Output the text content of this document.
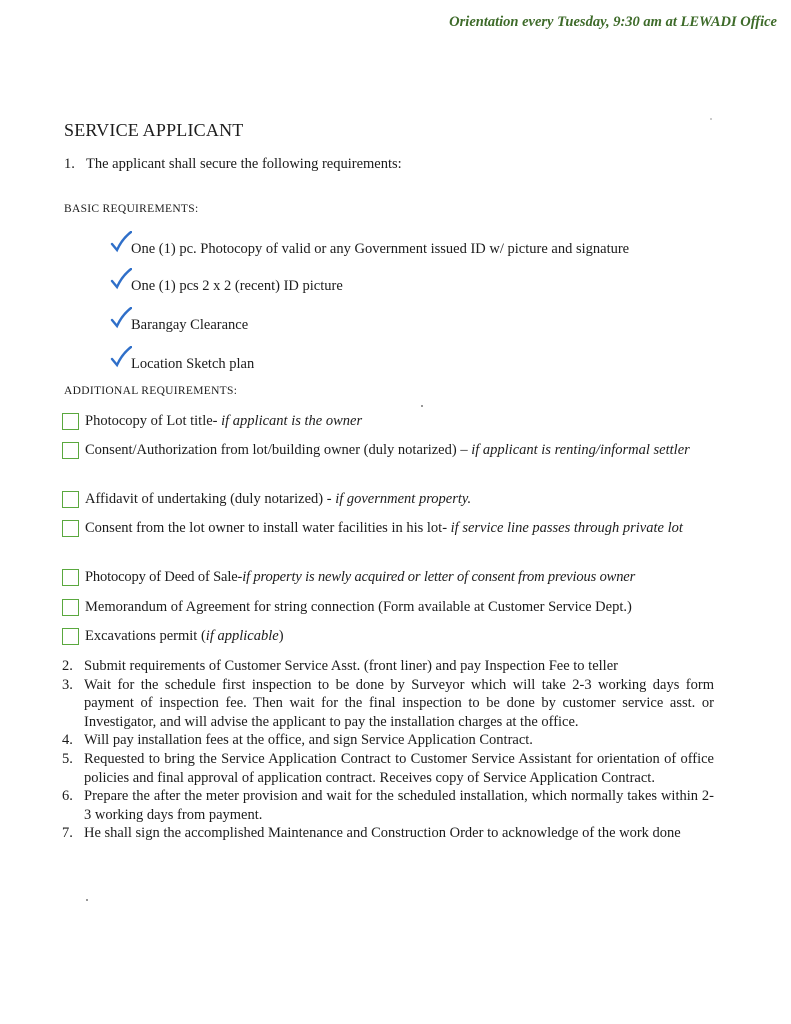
Orientation every Tuesday, 9:30 am at LEWADI Office
SERVICE APPLICANT
1. The applicant shall secure the following requirements:
BASIC REQUIREMENTS:
One (1) pc. Photocopy of valid or any Government issued ID w/ picture and signature
One (1) pcs 2 x 2 (recent) ID picture
Barangay Clearance
Location Sketch plan
ADDITIONAL REQUIREMENTS:
Photocopy of Lot title- if applicant is the owner
Consent/Authorization from lot/building owner (duly notarized) – if applicant is renting/informal settler
Affidavit of undertaking (duly notarized) - if government property.
Consent from the lot owner to install water facilities in his lot- if service line passes through private lot
Photocopy of Deed of Sale-if property is newly acquired or letter of consent from previous owner
Memorandum of Agreement for string connection (Form available at Customer Service Dept.)
Excavations permit (if applicable)
2. Submit requirements of Customer Service Asst. (front liner) and pay Inspection Fee to teller
3. Wait for the schedule first inspection to be done by Surveyor which will take 2-3 working days form payment of inspection fee. Then wait for the final inspection to be done by customer service asst. or Investigator, and will advise the applicant to pay the installation charges at the office.
4. Will pay installation fees at the office, and sign Service Application Contract.
5. Requested to bring the Service Application Contract to Customer Service Assistant for orientation of office policies and final approval of application contract. Receives copy of Service Application Contract.
6. Prepare the after the meter provision and wait for the scheduled installation, which normally takes within 2-3 working days from payment.
7. He shall sign the accomplished Maintenance and Construction Order to acknowledge of the work done
